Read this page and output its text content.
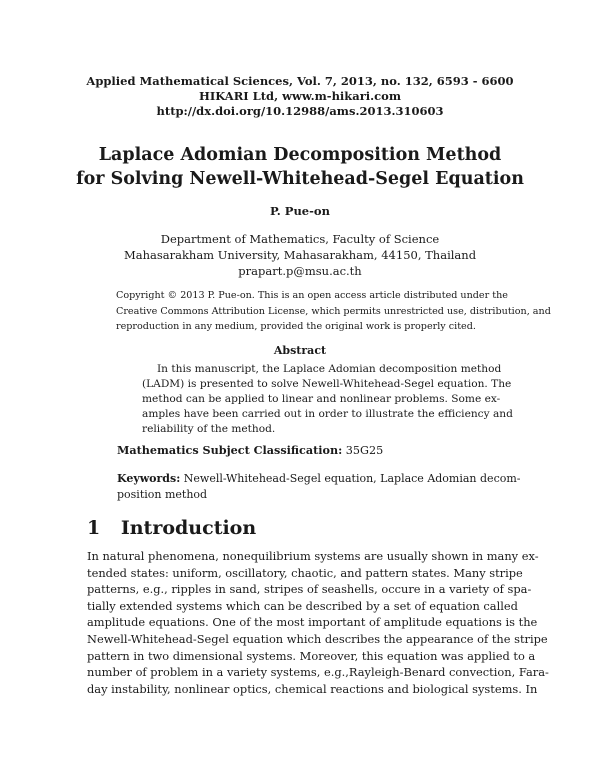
Applied Mathematical Sciences, Vol. 7, 2013, no. 132, 6593 - 6600
HIKARI Ltd, www.m-hikari.com
http://dx.doi.org/10.12988/ams.2013.310603
Laplace Adomian Decomposition Method
for Solving Newell-Whitehead-Segel Equation
P. Pue-on
Department of Mathematics, Faculty of Science
Mahasarakham University, Mahasarakham, 44150, Thailand
prapart.p@msu.ac.th
Copyright © 2013 P. Pue-on. This is an open access article distributed under the
Creative Commons Attribution License, which permits unrestricted use, distribution, and
reproduction in any medium, provided the original work is properly cited.
Abstract
In this manuscript, the Laplace Adomian decomposition method
(LADM) is presented to solve Newell-Whitehead-Segel equation. The
method can be applied to linear and nonlinear problems. Some ex-
amples have been carried out in order to illustrate the efficiency and
reliability of the method.
Mathematics Subject Classification: 35G25
Keywords: Newell-Whitehead-Segel equation, Laplace Adomian decom-
position method
1 Introduction
In natural phenomena, nonequilibrium systems are usually shown in many ex-
tended states: uniform, oscillatory, chaotic, and pattern states. Many stripe
patterns, e.g., ripples in sand, stripes of seashells, occure in a variety of spa-
tially extended systems which can be described by a set of equation called
amplitude equations. One of the most important of amplitude equations is the
Newell-Whitehead-Segel equation which describes the appearance of the stripe
pattern in two dimensional systems. Moreover, this equation was applied to a
number of problem in a variety systems, e.g.,Rayleigh-Benard convection, Fara-
day instability, nonlinear optics, chemical reactions and biological systems. In
